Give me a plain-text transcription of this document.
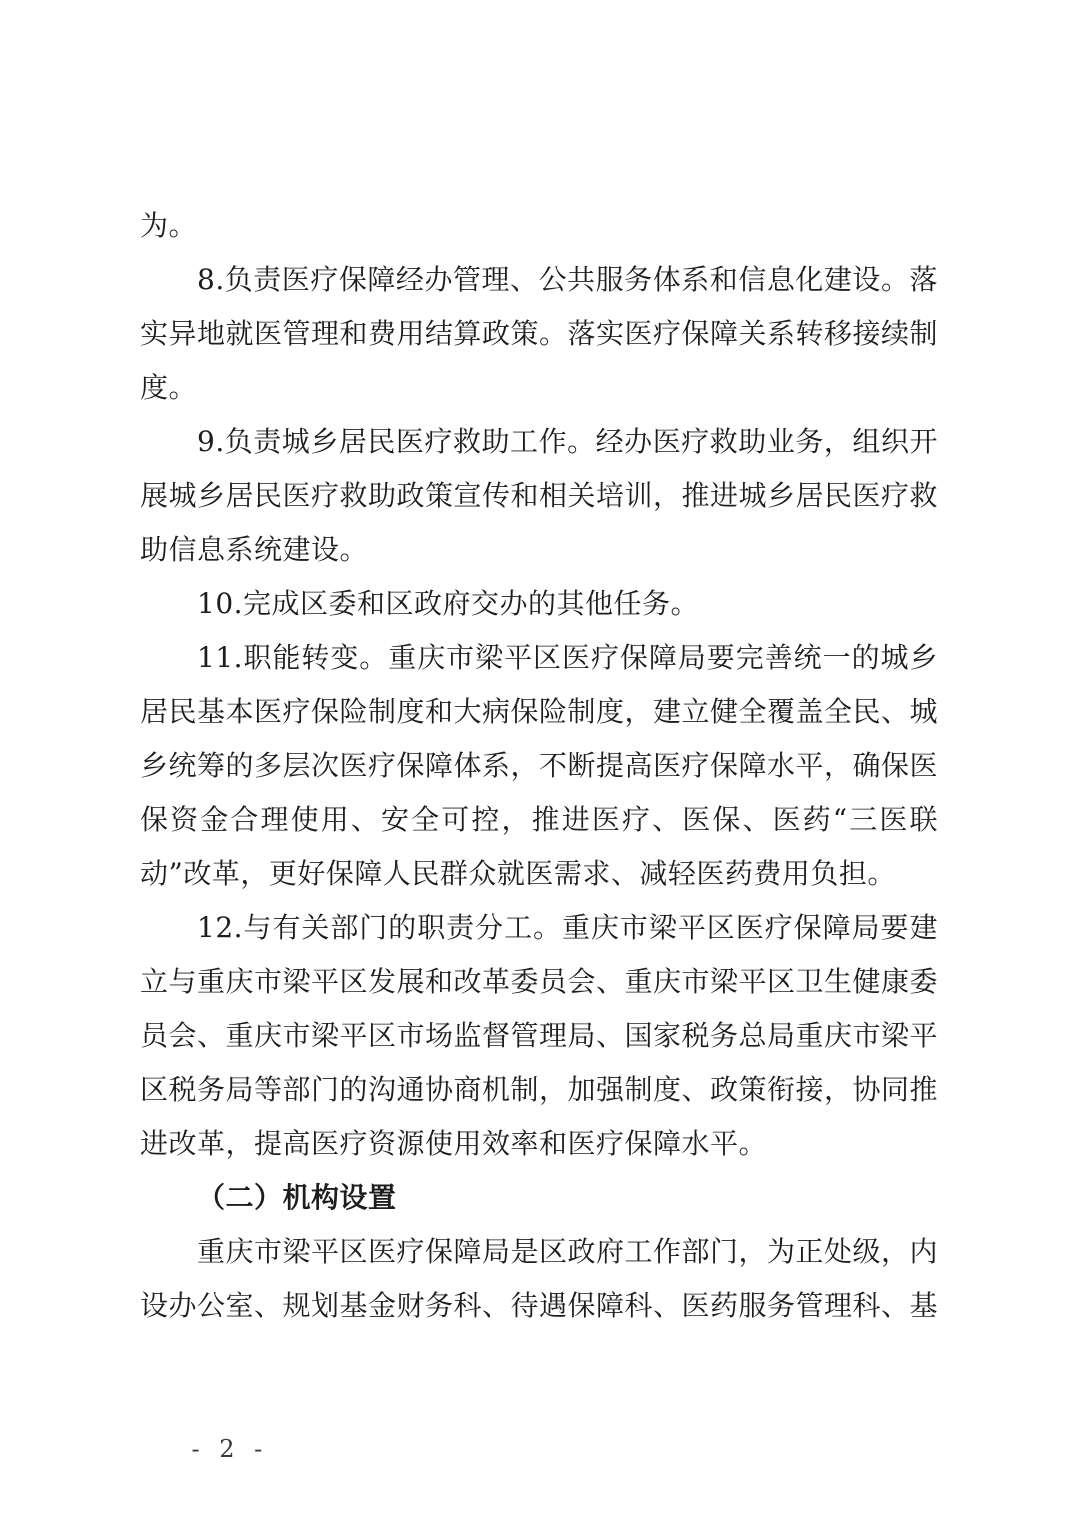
为。

8.负责医疗保障经办管理、公共服务体系和信息化建设。落实异地就医管理和费用结算政策。落实医疗保障关系转移接续制度。

9.负责城乡居民医疗救助工作。经办医疗救助业务，组织开展城乡居民医疗救助政策宣传和相关培训，推进城乡居民医疗救助信息系统建设。

10.完成区委和区政府交办的其他任务。

11.职能转变。重庆市梁平区医疗保障局要完善统一的城乡居民基本医疗保险制度和大病保险制度，建立健全覆盖全民、城乡统筹的多层次医疗保障体系，不断提高医疗保障水平，确保医保资金合理使用、安全可控，推进医疗、医保、医药“三医联动”改革，更好保障人民群众就医需求、减轻医药费用负担。

12.与有关部门的职责分工。重庆市梁平区医疗保障局要建立与重庆市梁平区发展和改革委员会、重庆市梁平区卫生健康委员会、重庆市梁平区市场监督管理局、国家税务总局重庆市梁平区税务局等部门的沟通协商机制，加强制度、政策衔接，协同推进改革，提高医疗资源使用效率和医疗保障水平。

（二）机构设置

重庆市梁平区医疗保障局是区政府工作部门，为正处级，内设办公室、规划基金财务科、待遇保障科、医药服务管理科、基

- 2 -
